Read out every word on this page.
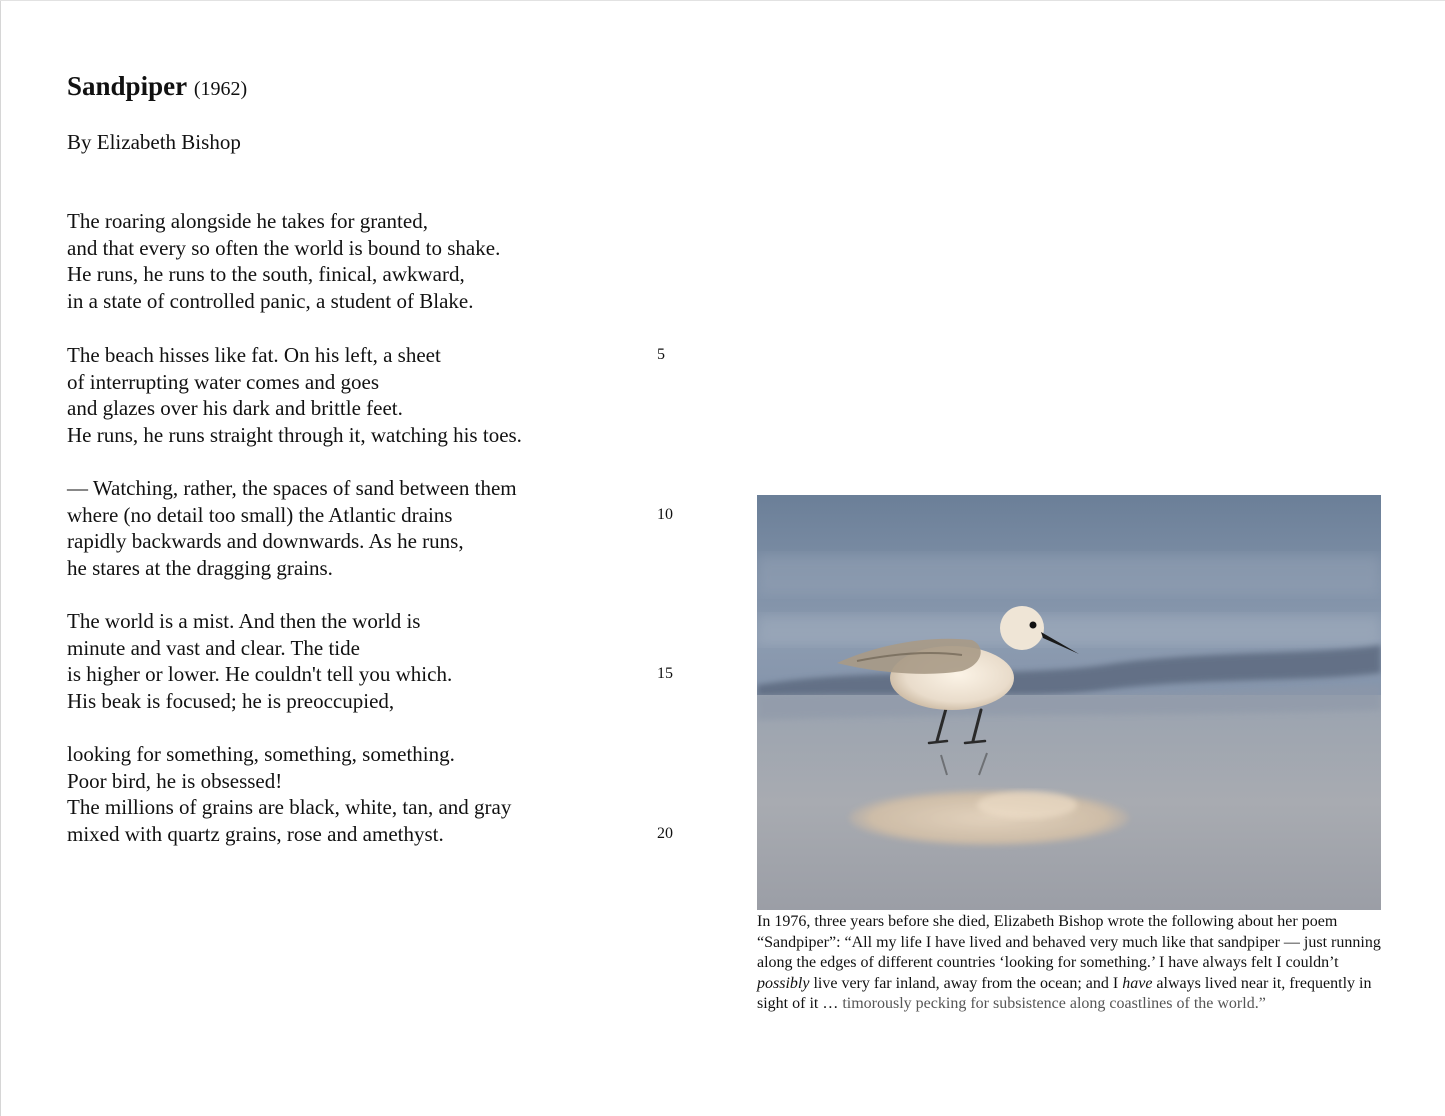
Sandpiper (1962)
By Elizabeth Bishop
The roaring alongside he takes for granted,
and that every so often the world is bound to shake.
He runs, he runs to the south, finical, awkward,
in a state of controlled panic, a student of Blake.
The beach hisses like fat. On his left, a sheet	5
of interrupting water comes and goes
and glazes over his dark and brittle feet.
He runs, he runs straight through it, watching his toes.
— Watching, rather, the spaces of sand between them
where (no detail too small) the Atlantic drains	10
rapidly backwards and downwards. As he runs,
he stares at the dragging grains.
The world is a mist. And then the world is
minute and vast and clear. The tide
is higher or lower. He couldn't tell you which.	15
His beak is focused; he is preoccupied,
looking for something, something, something.
Poor bird, he is obsessed!
The millions of grains are black, white, tan, and gray
mixed with quartz grains, rose and amethyst.	20
In 1976, three years before she died, Elizabeth Bishop wrote the following about her poem “Sandpiper”: “All my life I have lived and behaved very much like that sandpiper — just running along the edges of different countries ‘looking for something.’ I have always felt I couldn’t possibly live very far inland, away from the ocean; and I have always lived near it, frequently in sight of it … timorously pecking for subsistence along coastlines of the world.”
